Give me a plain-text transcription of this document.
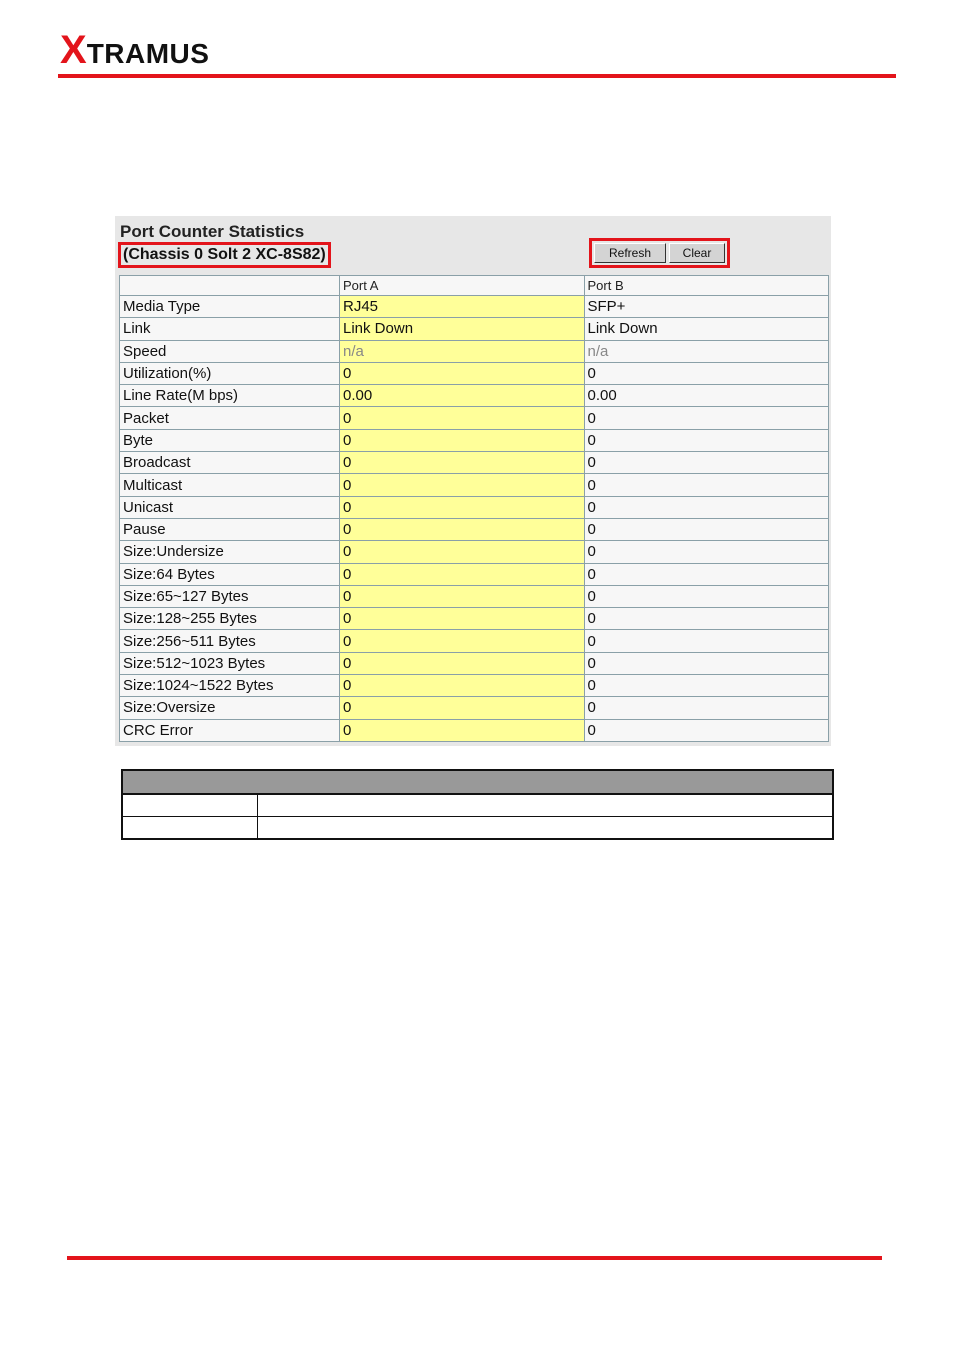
X TRAMUS
Port Counter Statistics
(Chassis 0 Solt 2 XC-8S82)	Refresh	Clear
	Port A	Port B
Media Type	RJ45	SFP+
Link	Link Down	Link Down
Speed	n/a	n/a
Utilization(%)	0	0
Line Rate(M bps)	0.00	0.00
Packet	0	0
Byte	0	0
Broadcast	0	0
Multicast	0	0
Unicast	0	0
Pause	0	0
Size:Undersize	0	0
Size:64 Bytes	0	0
Size:65~127 Bytes	0	0
Size:128~255 Bytes	0	0
Size:256~511 Bytes	0	0
Size:512~1023 Bytes	0	0
Size:1024~1522 Bytes	0	0
Size:Oversize	0	0
CRC Error	0	0
